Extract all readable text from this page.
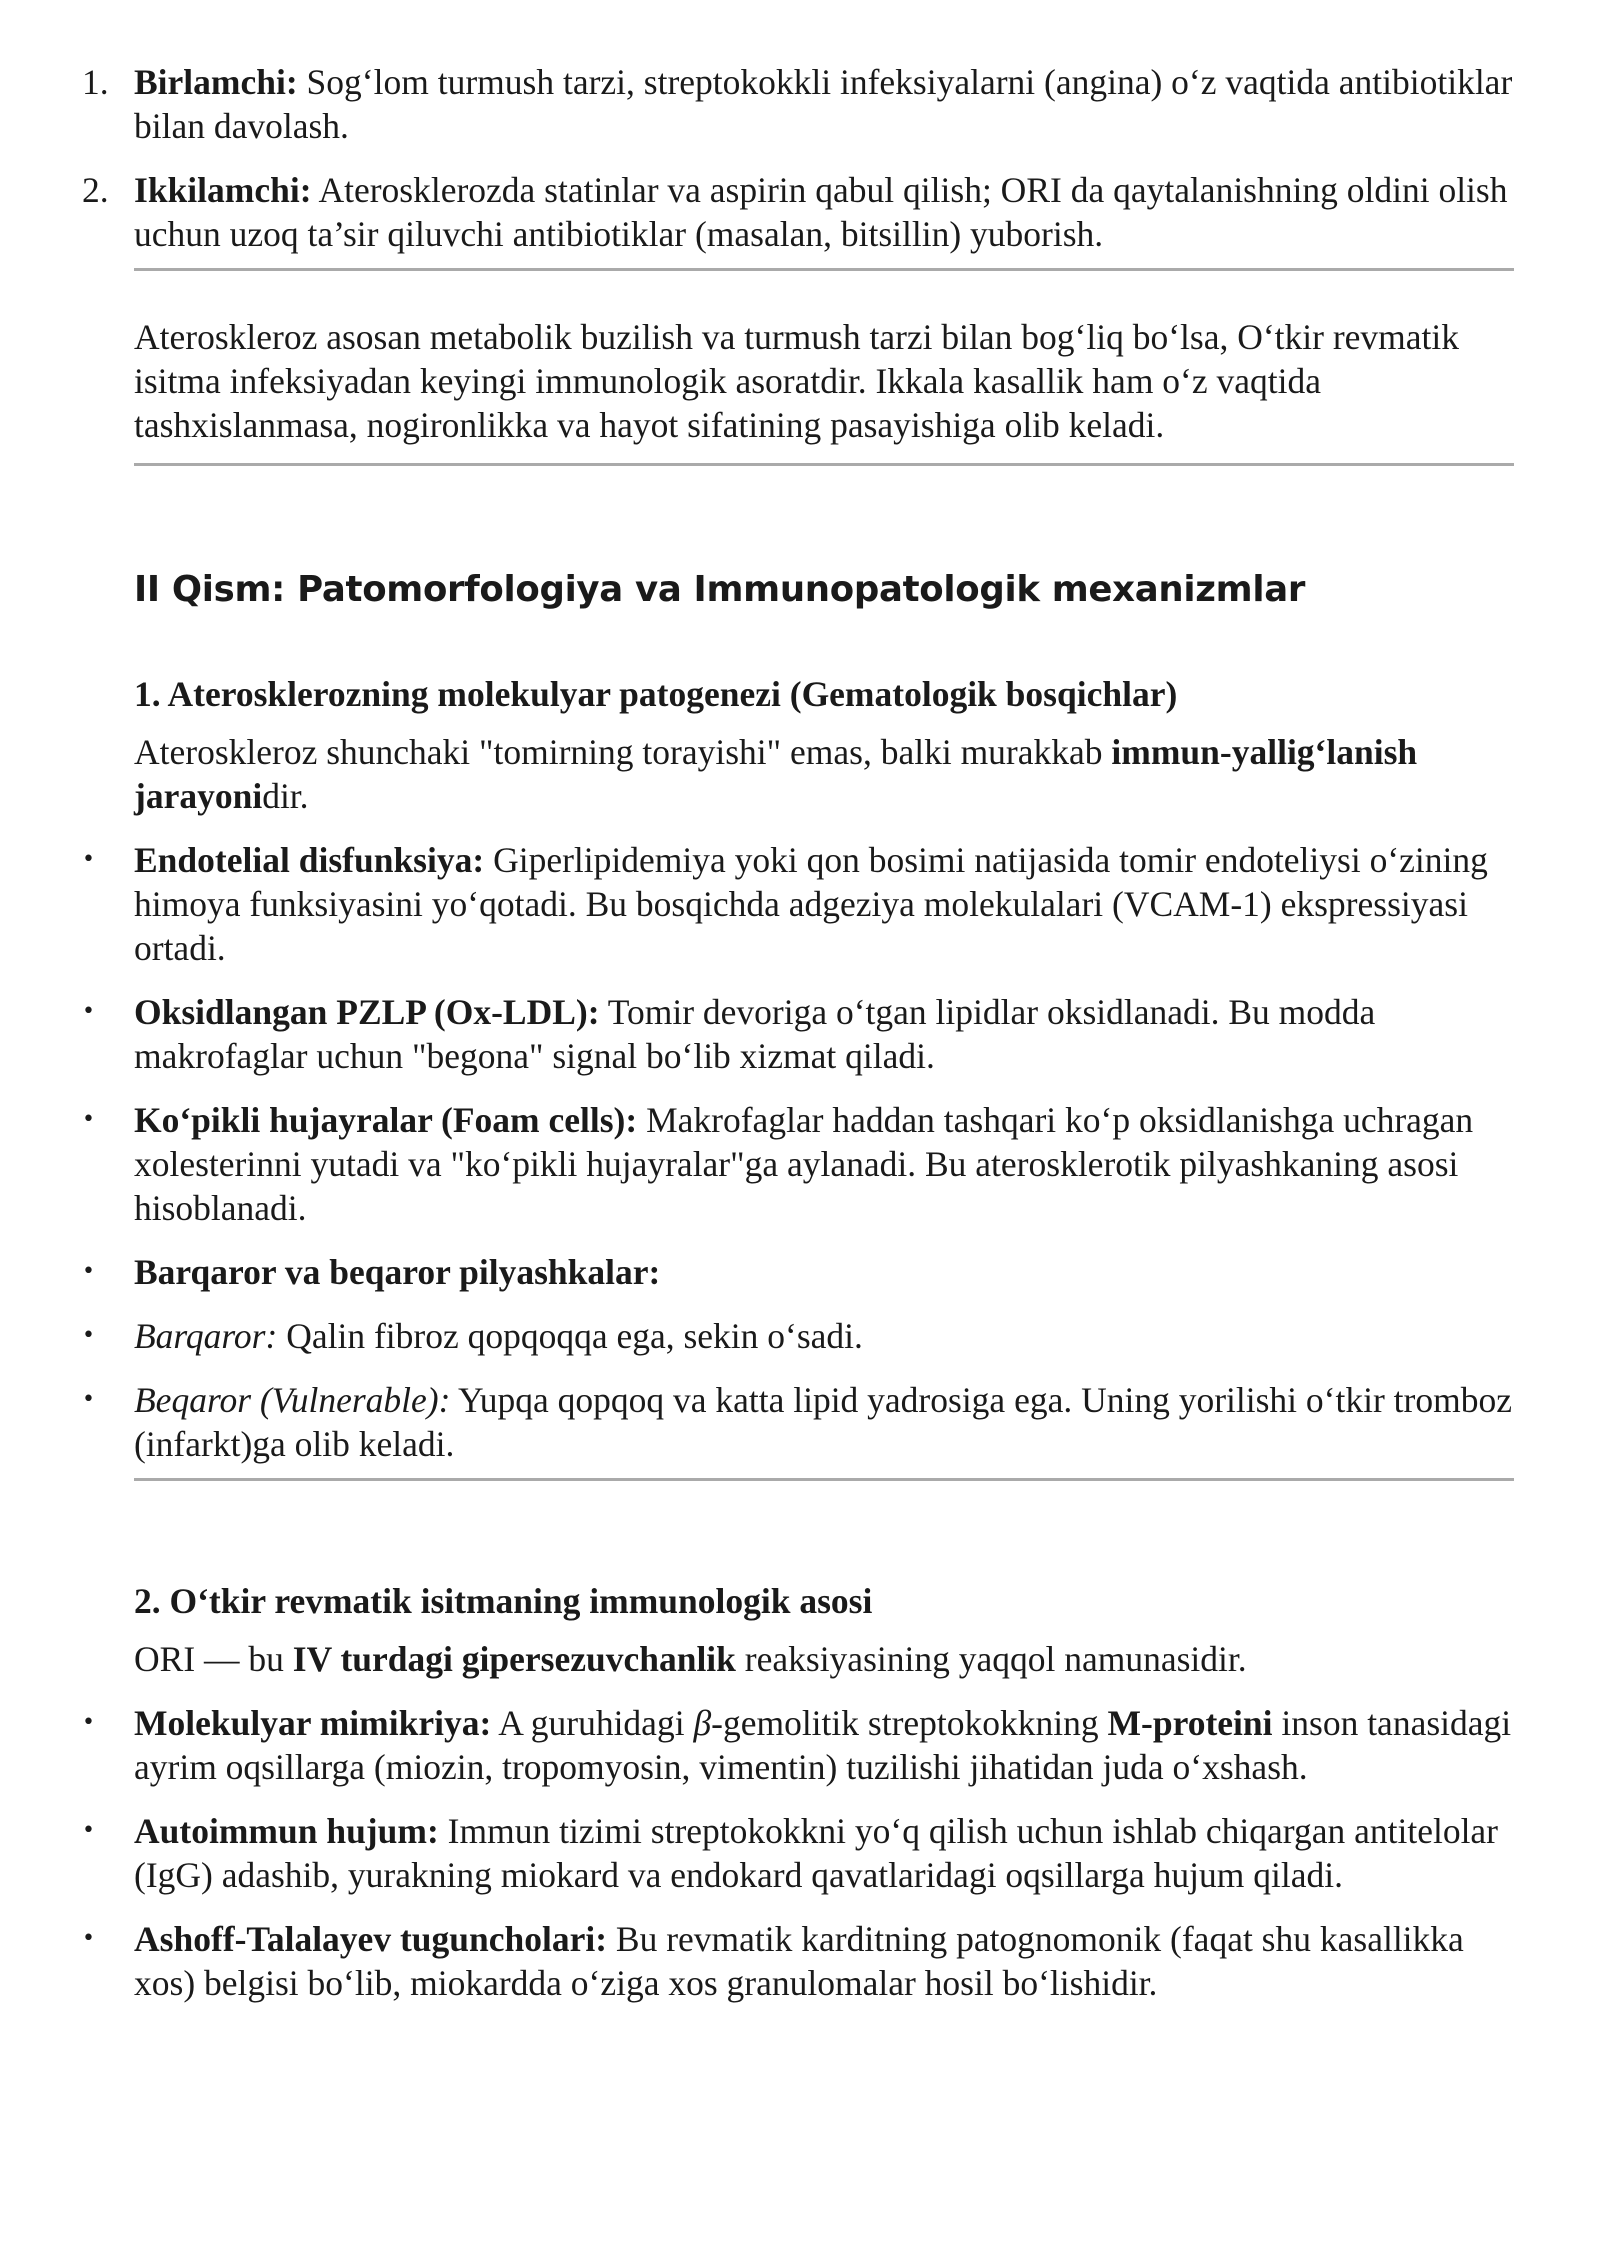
1. Birlamchi: Sog‘lom turmush tarzi, streptokokkli infeksiyalarni (angina) o‘z vaqtida antibiotiklar bilan davolash.
2. Ikkilamchi: Aterosklerozda statinlar va aspirin qabul qilish; ORI da qaytalanishning oldini olish uchun uzoq ta’sir qiluvchi antibiotiklar (masalan, bitsillin) yuborish.

Ateroskleroz asosan metabolik buzilish va turmush tarzi bilan bog‘liq bo‘lsa, O‘tkir revmatik isitma infeksiyadan keyingi immunologik asoratdir. Ikkala kasallik ham o‘z vaqtida tashxislanmasa, nogironlikka va hayot sifatining pasayishiga olib keladi.

II Qism: Patomorfologiya va Immunopatologik mexanizmlar
1. Aterosklerozning molekulyar patogenezi (Gematologik bosqichlar)

Ateroskleroz shunchaki "tomirning torayishi" emas, balki murakkab immun-yallig‘lanish jarayonidir.

• Endotelial disfunksiya: Giperlipidemiya yoki qon bosimi natijasida tomir endoteliysi o‘zining himoya funksiyasini yo‘qotadi. Bu bosqichda adgeziya molekulalari (VCAM-1) ekspressiyasi ortadi.
• Oksidlangan PZLP (Ox-LDL): Tomir devoriga o‘tgan lipidlar oksidlanadi. Bu modda makrofaglar uchun "begona" signal bo‘lib xizmat qiladi.
• Ko‘pikli hujayralar (Foam cells): Makrofaglar haddan tashqari ko‘p oksidlanishga uchragan xolesterinni yutadi va "ko‘pikli hujayralar"ga aylanadi. Bu aterosklerotik pilyashkaning asosi hisoblanadi.
• Barqaror va beqaror pilyashkalar:
• Barqaror: Qalin fibroz qopqoqqa ega, sekin o‘sadi.
• Beqaror (Vulnerable): Yupqa qopqoq va katta lipid yadrosiga ega. Uning yorilishi o‘tkir tromboz (infarkt)ga olib keladi.
2. O‘tkir revmatik isitmaning immunologik asosi

ORI — bu IV turdagi gipersezuvchanlik reaksiyasining yaqqol namunasidir.

• Molekulyar mimikriya: A guruhidagi β-gemolitik streptokokkning M-proteini inson tanasidagi ayrim oqsillarga (miozin, tropomyosin, vimentin) tuzilishi jihatidan juda o‘xshash.
• Autoimmun hujum: Immun tizimi streptokokkni yo‘q qilish uchun ishlab chiqargan antitelolar (IgG) adashib, yurakning miokard va endokard qavatlaridagi oqsillarga hujum qiladi.
• Ashoff-Talalayev tuguncholari: Bu revmatik karditning patognomonik (faqat shu kasallikka xos) belgisi bo‘lib, miokardda o‘ziga xos granulomalar hosil bo‘lishidir.
